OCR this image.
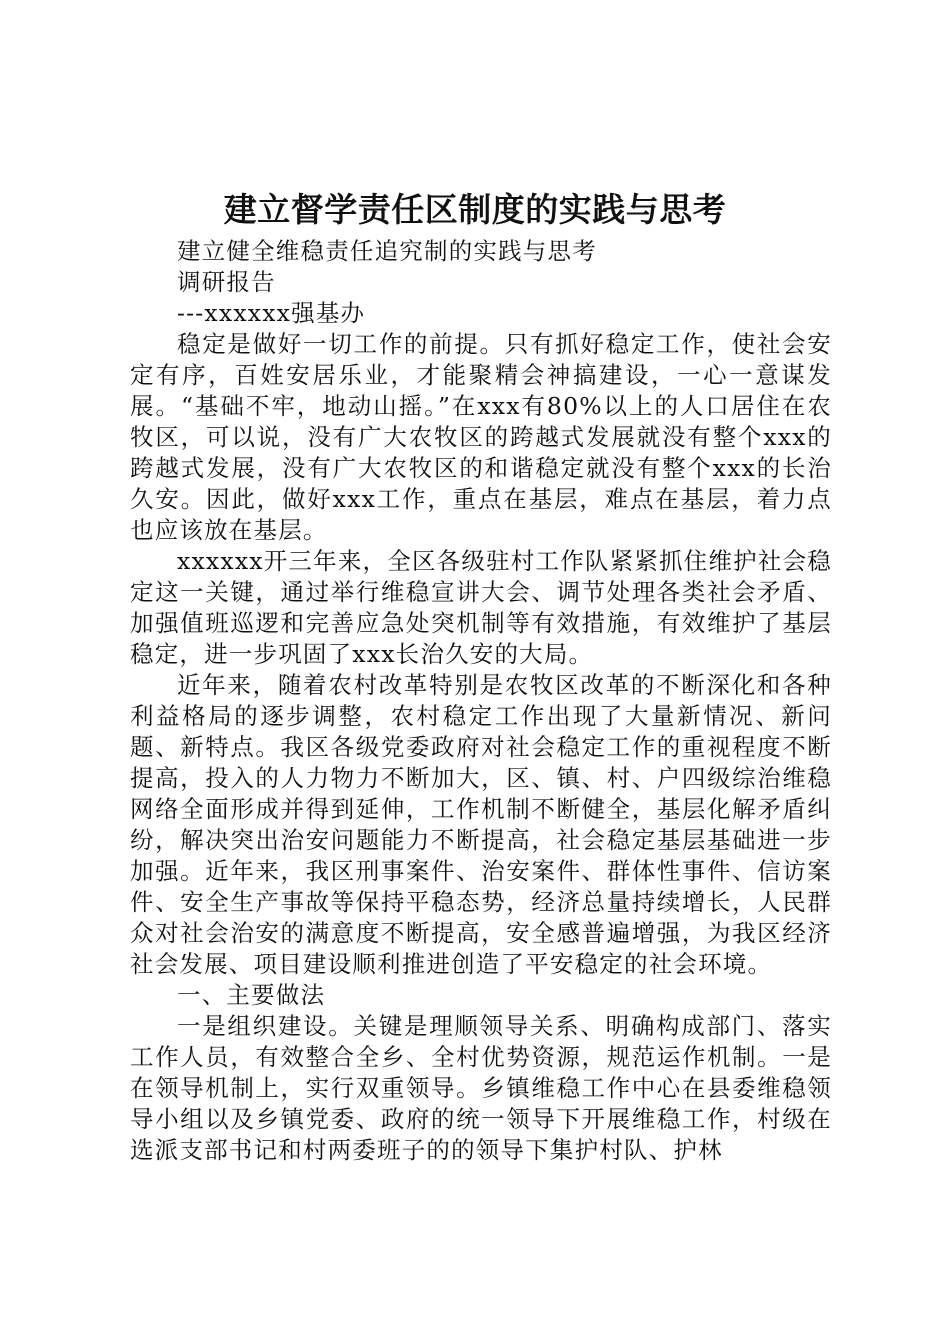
建立督学责任区制度的实践与思考

建立健全维稳责任追究制的实践与思考

调研报告

---xxxxxx强基办

稳定是做好一切工作的前提。只有抓好稳定工作，使社会安定有序，百姓安居乐业，才能聚精会神搞建设，一心一意谋发展。“基础不牢，地动山摇。”在xxx有80%以上的人口居住在农牧区，可以说，没有广大农牧区的跨越式发展就没有整个xxx的跨越式发展，没有广大农牧区的和谐稳定就没有整个xxx的长治久安。因此，做好xxx工作，重点在基层，难点在基层，着力点也应该放在基层。

xxxxxx开三年来，全区各级驻村工作队紧紧抓住维护社会稳定这一关键，通过举行维稳宣讲大会、调节处理各类社会矛盾、加强值班巡逻和完善应急处突机制等有效措施，有效维护了基层稳定，进一步巩固了xxx长治久安的大局。

近年来，随着农村改革特别是农牧区改革的不断深化和各种利益格局的逐步调整，农村稳定工作出现了大量新情况、新问题、新特点。我区各级党委政府对社会稳定工作的重视程度不断提高，投入的人力物力不断加大，区、镇、村、户四级综治维稳网络全面形成并得到延伸，工作机制不断健全，基层化解矛盾纠纷，解决突出治安问题能力不断提高，社会稳定基层基础进一步加强。近年来，我区刑事案件、治安案件、群体性事件、信访案件、安全生产事故等保持平稳态势，经济总量持续增长，人民群众对社会治安的满意度不断提高，安全感普遍增强，为我区经济社会发展、项目建设顺利推进创造了平安稳定的社会环境。

一、主要做法

一是组织建设。关键是理顺领导关系、明确构成部门、落实工作人员，有效整合全乡、全村优势资源，规范运作机制。一是在领导机制上，实行双重领导。乡镇维稳工作中心在县委维稳领导小组以及乡镇党委、政府的统一领导下开展维稳工作，村级在选派支部书记和村两委班子的的领导下集护村队、护林
